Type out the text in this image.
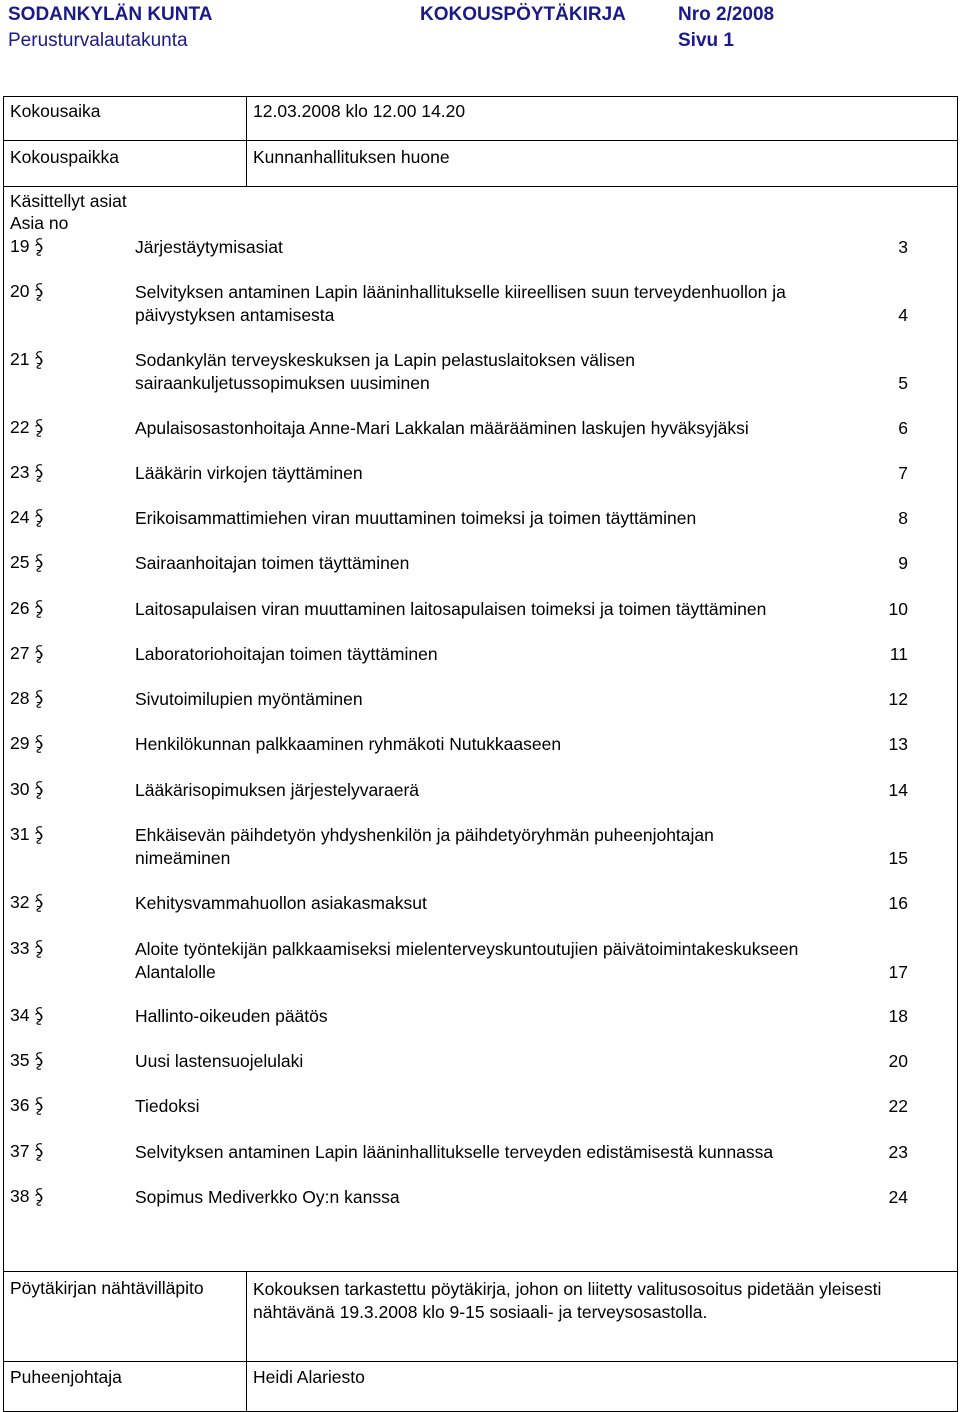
SODANKYLÄN KUNTA
Perusturvalautakunta
KOKOUSPÖYTÄKIRJA	Nro 2/2008
Sivu 1
Kokousaika	12.03.2008 klo 12.00 14.20
Kokouspaikka	Kunnanhallituksen huone
Käsittellyt asiat
Asia no
19	Järjestäytymisasiat	3
20	Selvityksen antaminen Lapin lääninhallitukselle kiireellisen suun terveydenhuollon ja
päivystyksen antamisesta	4
21	Sodankylän terveyskeskuksen ja Lapin pelastuslaitoksen välisen
sairaankuljetussopimuksen uusiminen	5
22	Apulaisosastonhoitaja Anne-Mari Lakkalan määrääminen laskujen hyväksyjäksi	6
23	Lääkärin virkojen täyttäminen	7
24	Erikoisammattimiehen viran muuttaminen toimeksi ja toimen täyttäminen	8
25	Sairaanhoitajan toimen täyttäminen	9
26	Laitosapulaisen viran muuttaminen laitosapulaisen toimeksi ja toimen täyttäminen	10
27	Laboratoriohoitajan toimen täyttäminen	11
28	Sivutoimilupien myöntäminen	12
29	Henkilökunnan palkkaaminen ryhmäkoti Nutukkaaseen	13
30	Lääkärisopimuksen järjestelyvaraerä	14
31	Ehkäisevän päihdetyön yhdyshenkilön ja päihdetyöryhmän puheenjohtajan
nimeäminen	15
32	Kehitysvammahuollon asiakasmaksut	16
33	Aloite työntekijän palkkaamiseksi mielenterveyskuntoutujien päivätoimintakeskukseen
Alantalolle	17
34	Hallinto-oikeuden päätös	18
35	Uusi lastensuojelulaki	20
36	Tiedoksi	22
37	Selvityksen antaminen Lapin lääninhallitukselle terveyden edistämisestä kunnassa	23
38	Sopimus Mediverkko Oy:n kanssa	24
Pöytäkirjan nähtävilläpito	Kokouksen tarkastettu pöytäkirja, johon on liitetty valitusosoitus pidetään yleisesti
nähtävänä 19.3.2008 klo 9-15 sosiaali- ja terveysosastolla.
Puheenjohtaja	Heidi Alariesto
